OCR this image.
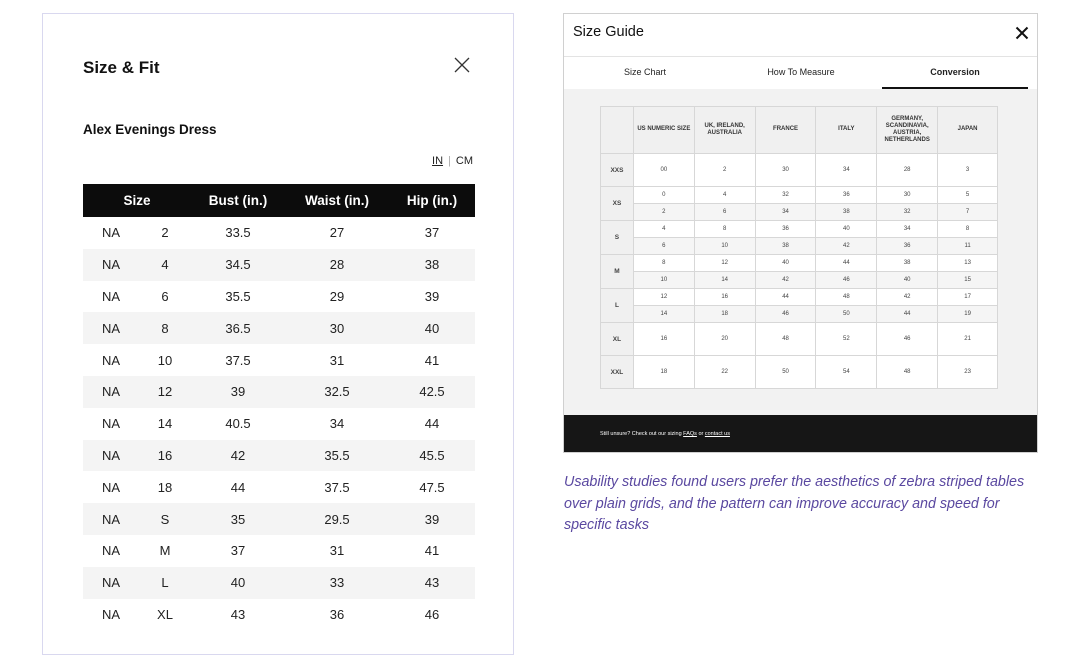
Size & Fit
Alex Evenings Dress
IN | CM
Size		Bust (in.)	Waist (in.)	Hip (in.)
NA	2	33.5	27	37
NA	4	34.5	28	38
NA	6	35.5	29	39
NA	8	36.5	30	40
NA	10	37.5	31	41
NA	12	39	32.5	42.5
NA	14	40.5	34	44
NA	16	42	35.5	45.5
NA	18	44	37.5	47.5
NA	S	35	29.5	39
NA	M	37	31	41
NA	L	40	33	43
NA	XL	43	36	46
Size Guide
Size Chart	How To Measure	Conversion
	US NUMERIC SIZE	UK, IRELAND, AUSTRALIA	FRANCE	ITALY	GERMANY, SCANDINAVIA, AUSTRIA, NETHERLANDS	JAPAN
XXS	00	2	30	34	28	3
XS	0	4	32	36	30	5
	2	6	34	38	32	7
S	4	8	36	40	34	8
	6	10	38	42	36	11
M	8	12	40	44	38	13
	10	14	42	46	40	15
L	12	16	44	48	42	17
	14	18	46	50	44	19
XL	16	20	48	52	46	21
XXL	18	22	50	54	48	23
Still unsure? Check out our sizing FAQs or contact us
Usability studies found users prefer the aesthetics of zebra striped tables over plain grids, and the pattern can improve accuracy and speed for specific tasks
